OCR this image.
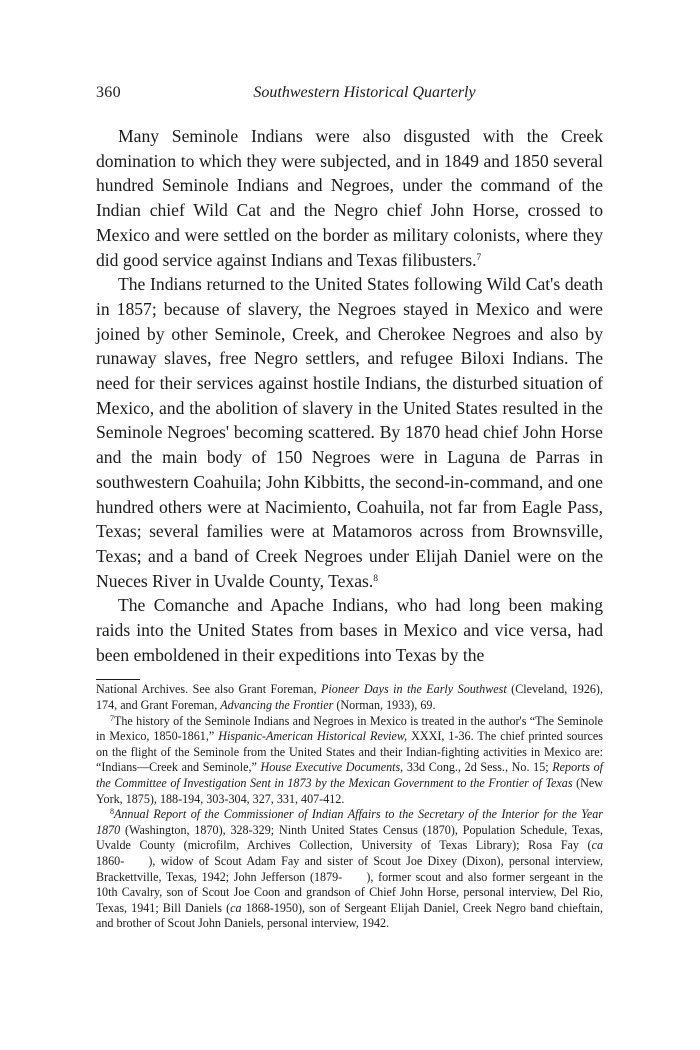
360	Southwestern Historical Quarterly

Many Seminole Indians were also disgusted with the Creek domination to which they were subjected, and in 1849 and 1850 several hundred Seminole Indians and Negroes, under the command of the Indian chief Wild Cat and the Negro chief John Horse, crossed to Mexico and were settled on the border as military colonists, where they did good service against Indians and Texas filibusters.$^7$

The Indians returned to the United States following Wild Cat's death in 1857; because of slavery, the Negroes stayed in Mexico and were joined by other Seminole, Creek, and Cherokee Negroes and also by runaway slaves, free Negro settlers, and refugee Biloxi Indians. The need for their services against hostile Indians, the disturbed situation of Mexico, and the abolition of slavery in the United States resulted in the Seminole Negroes' becoming scattered. By 1870 head chief John Horse and the main body of 150 Negroes were in Laguna de Parras in southwestern Coahuila; John Kibbitts, the second-in-command, and one hundred others were at Nacimiento, Coahuila, not far from Eagle Pass, Texas; several families were at Matamoros across from Brownsville, Texas; and a band of Creek Negroes under Elijah Daniel were on the Nueces River in Uvalde County, Texas.$^8$

The Comanche and Apache Indians, who had long been making raids into the United States from bases in Mexico and vice versa, had been emboldened in their expeditions into Texas by the

National Archives. See also Grant Foreman, Pioneer Days in the Early Southwest (Cleveland, 1926), 174, and Grant Foreman, Advancing the Frontier (Norman, 1933), 69.

$^7$The history of the Seminole Indians and Negroes in Mexico is treated in the author's “The Seminole in Mexico, 1850-1861,” Hispanic-American Historical Review, XXXI, 1-36. The chief printed sources on the flight of the Seminole from the United States and their Indian-fighting activities in Mexico are: “Indians—Creek and Seminole,” House Executive Documents, 33d Cong., 2d Sess., No. 15; Reports of the Committee of Investigation Sent in 1873 by the Mexican Government to the Frontier of Texas (New York, 1875), 188-194, 303-304, 327, 331, 407-412.

$^8$Annual Report of the Commissioner of Indian Affairs to the Secretary of the Interior for the Year 1870 (Washington, 1870), 328-329; Ninth United States Census (1870), Population Schedule, Texas, Uvalde County (microfilm, Archives Collection, University of Texas Library); Rosa Fay (ca 1860-  ), widow of Scout Adam Fay and sister of Scout Joe Dixey (Dixon), personal interview, Brackettville, Texas, 1942; John Jefferson (1879-  ), former scout and also former sergeant in the 10th Cavalry, son of Scout Joe Coon and grandson of Chief John Horse, personal interview, Del Rio, Texas, 1941; Bill Daniels (ca 1868-1950), son of Sergeant Elijah Daniel, Creek Negro band chieftain, and brother of Scout John Daniels, personal interview, 1942.
